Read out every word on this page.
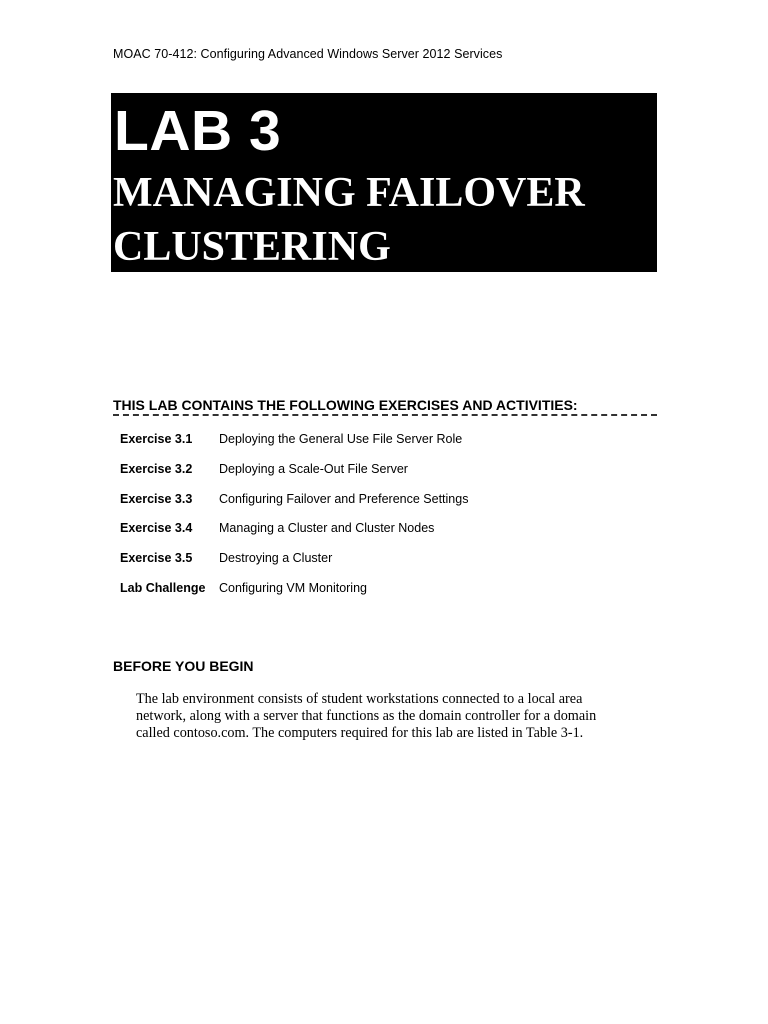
MOAC 70-412: Configuring Advanced Windows Server 2012 Services
LAB 3
MANAGING FAILOVER
CLUSTERING
THIS LAB CONTAINS THE FOLLOWING EXERCISES AND ACTIVITIES:
Exercise 3.1 Deploying the General Use File Server Role
Exercise 3.2 Deploying a Scale-Out File Server
Exercise 3.3 Configuring Failover and Preference Settings
Exercise 3.4 Managing a Cluster and Cluster Nodes
Exercise 3.5 Destroying a Cluster
Lab Challenge Configuring VM Monitoring
BEFORE YOU BEGIN
The lab environment consists of student workstations connected to a local area
network, along with a server that functions as the domain controller for a domain
called contoso.com. The computers required for this lab are listed in Table 3-1.
